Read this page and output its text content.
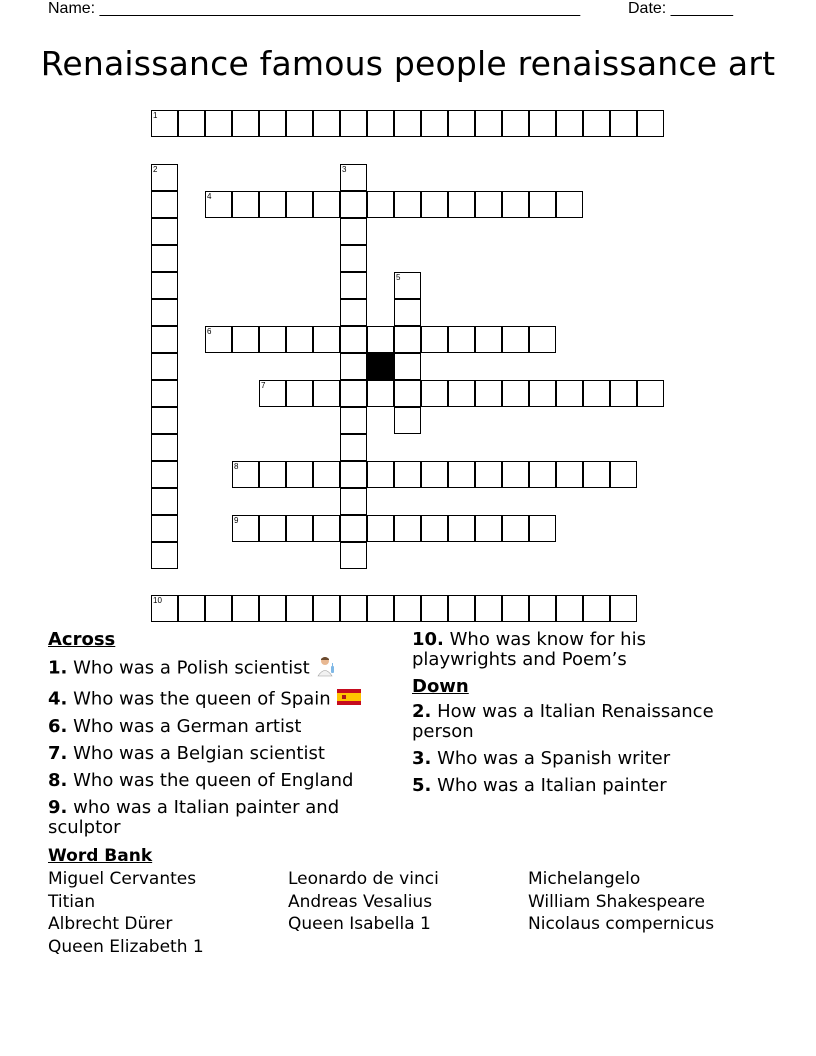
Name: ______________________________________________________	Date: _______
Renaissance famous people renaissance art
1
4
6
7
8
9
10
2	3
5
Across
1. Who was a Polish scientist
4. Who was the queen of Spain
6. Who was a German artist
7. Who was a Belgian scientist
8. Who was the queen of England
9. who was a Italian painter and sculptor
10. Who was know for his playwrights and Poem’s
Down
2. How was a Italian Renaissance person
3. Who was a Spanish writer
5. Who was a Italian painter
Word Bank
Miguel Cervantes
Titian
Albrecht Dürer
Queen Elizabeth 1
Leonardo de vinci
Andreas Vesalius
Queen Isabella 1
Michelangelo
William Shakespeare
Nicolaus compernicus
